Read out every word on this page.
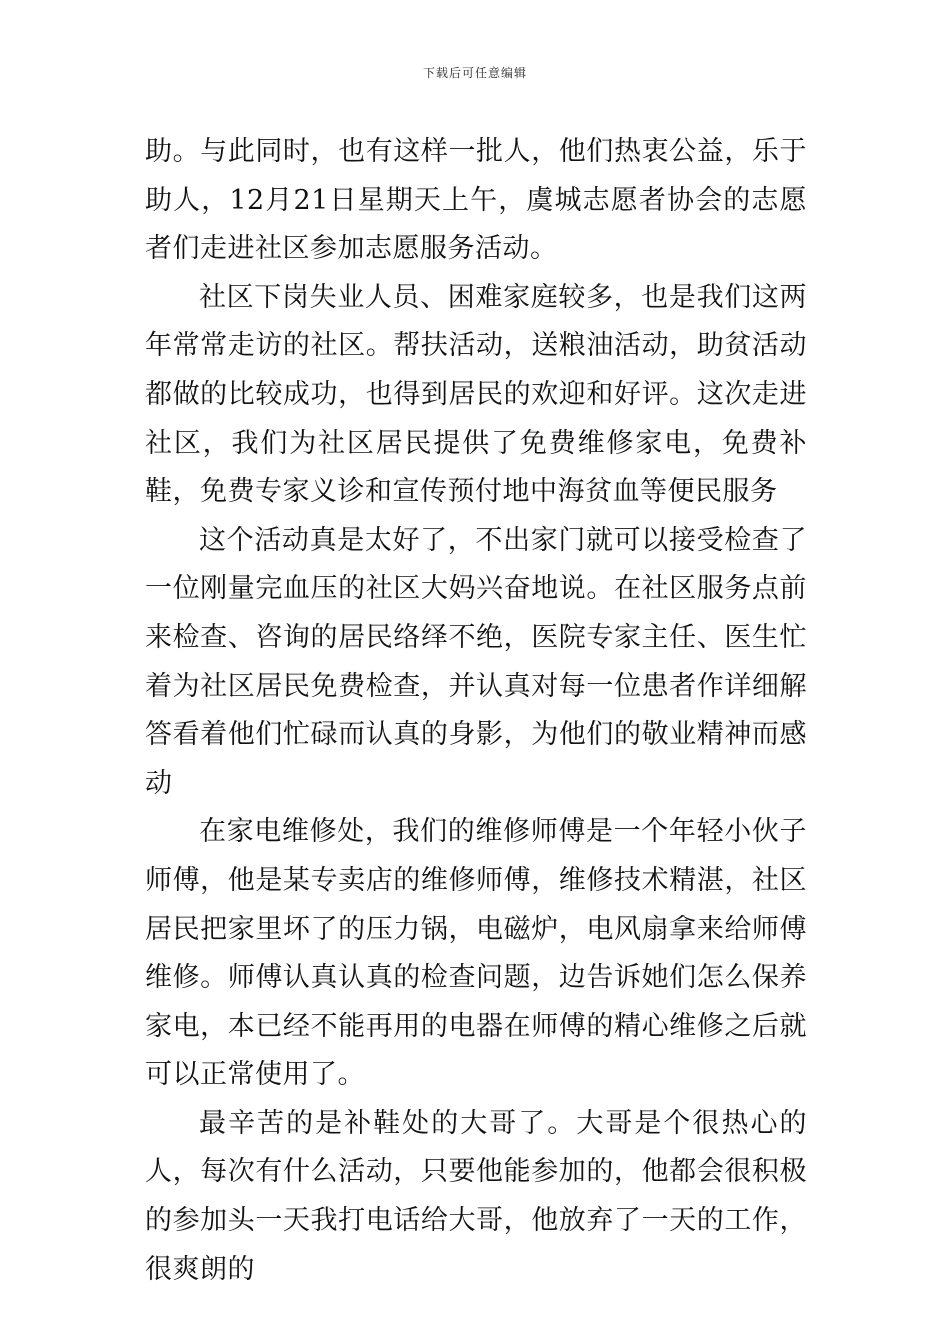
下载后可任意编辑

助。与此同时，也有这样一批人，他们热衷公益，乐于助人，12月21日星期天上午，虞城志愿者协会的志愿者们走进社区参加志愿服务活动。

社区下岗失业人员、困难家庭较多，也是我们这两年常常走访的社区。帮扶活动，送粮油活动，助贫活动都做的比较成功，也得到居民的欢迎和好评。这次走进社区，我们为社区居民提供了免费维修家电，免费补鞋，免费专家义诊和宣传预付地中海贫血等便民服务

这个活动真是太好了，不出家门就可以接受检查了一位刚量完血压的社区大妈兴奋地说。在社区服务点前来检查、咨询的居民络绎不绝，医院专家主任、医生忙着为社区居民免费检查，并认真对每一位患者作详细解答看着他们忙碌而认真的身影，为他们的敬业精神而感动

在家电维修处，我们的维修师傅是一个年轻小伙子师傅，他是某专卖店的维修师傅，维修技术精湛，社区居民把家里坏了的压力锅，电磁炉，电风扇拿来给师傅维修。师傅认真认真的检查问题，边告诉她们怎么保养家电，本已经不能再用的电器在师傅的精心维修之后就可以正常使用了。

最辛苦的是补鞋处的大哥了。大哥是个很热心的人，每次有什么活动，只要他能参加的，他都会很积极的参加头一天我打电话给大哥，他放弃了一天的工作，很爽朗的
